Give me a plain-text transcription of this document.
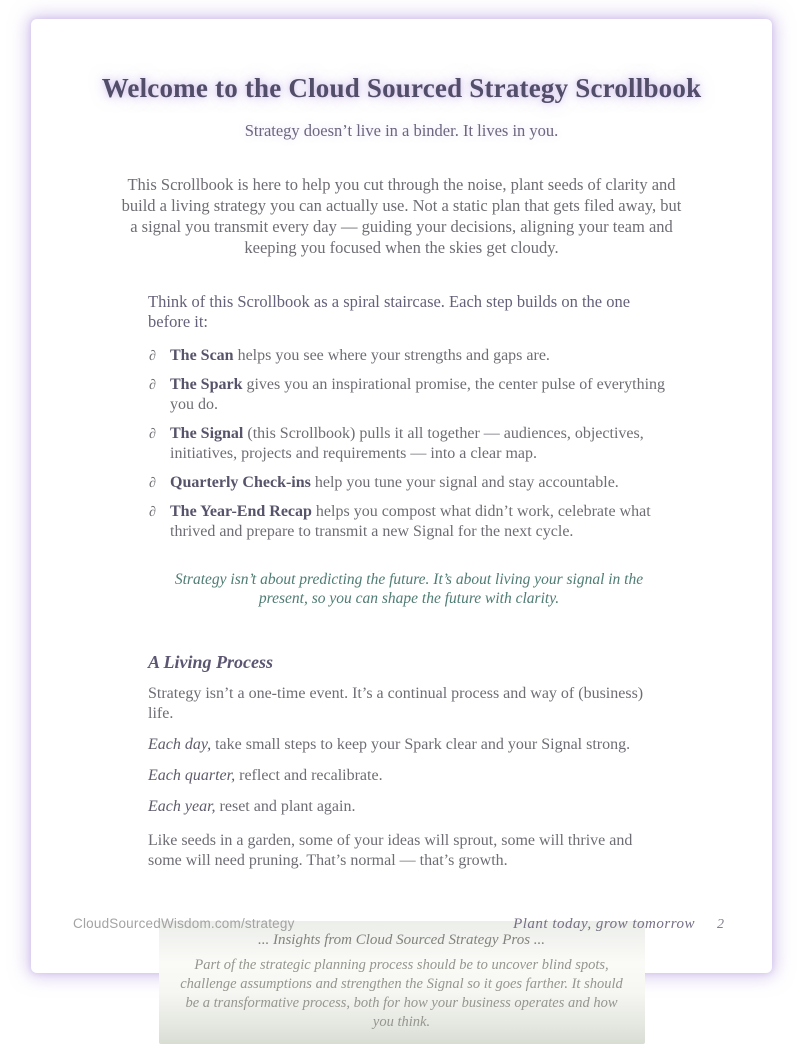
Welcome to the Cloud Sourced Strategy Scrollbook

Strategy doesn’t live in a binder. It lives in you.

This Scrollbook is here to help you cut through the noise, plant seeds of clarity and build a living strategy you can actually use. Not a static plan that gets filed away, but a signal you transmit every day — guiding your decisions, aligning your team and keeping you focused when the skies get cloudy.

Think of this Scrollbook as a spiral staircase. Each step builds on the one before it:

∂ The Scan helps you see where your strengths and gaps are.
∂ The Spark gives you an inspirational promise, the center pulse of everything you do.
∂ The Signal (this Scrollbook) pulls it all together — audiences, objectives, initiatives, projects and requirements — into a clear map.
∂ Quarterly Check-ins help you tune your signal and stay accountable.
∂ The Year-End Recap helps you compost what didn’t work, celebrate what thrived and prepare to transmit a new Signal for the next cycle.

Strategy isn’t about predicting the future. It’s about living your signal in the present, so you can shape the future with clarity.

A Living Process

Strategy isn’t a one-time event. It’s a continual process and way of (business) life.

Each day, take small steps to keep your Spark clear and your Signal strong.

Each quarter, reflect and recalibrate.

Each year, reset and plant again.

Like seeds in a garden, some of your ideas will sprout, some will thrive and some will need pruning. That’s normal — that’s growth.

... Insights from Cloud Sourced Strategy Pros ...

Part of the strategic planning process should be to uncover blind spots, challenge assumptions and strengthen the Signal so it goes farther. It should be a transformative process, both for how your business operates and how you think.

CloudSourcedWisdom.com/strategy	Plant today, grow tomorrow 2
